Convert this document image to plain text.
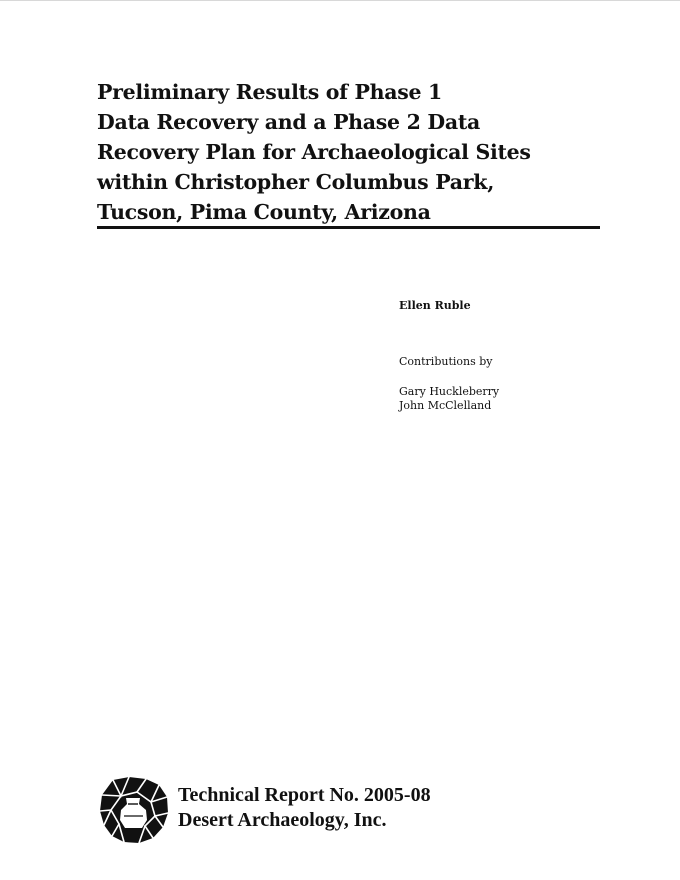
Preliminary Results of Phase 1
Data Recovery and a Phase 2 Data
Recovery Plan for Archaeological Sites
within Christopher Columbus Park,
Tucson, Pima County, Arizona
Ellen Ruble
Contributions by
Gary Huckleberry
John McClelland
Technical Report No. 2005-08
Desert Archaeology, Inc.
